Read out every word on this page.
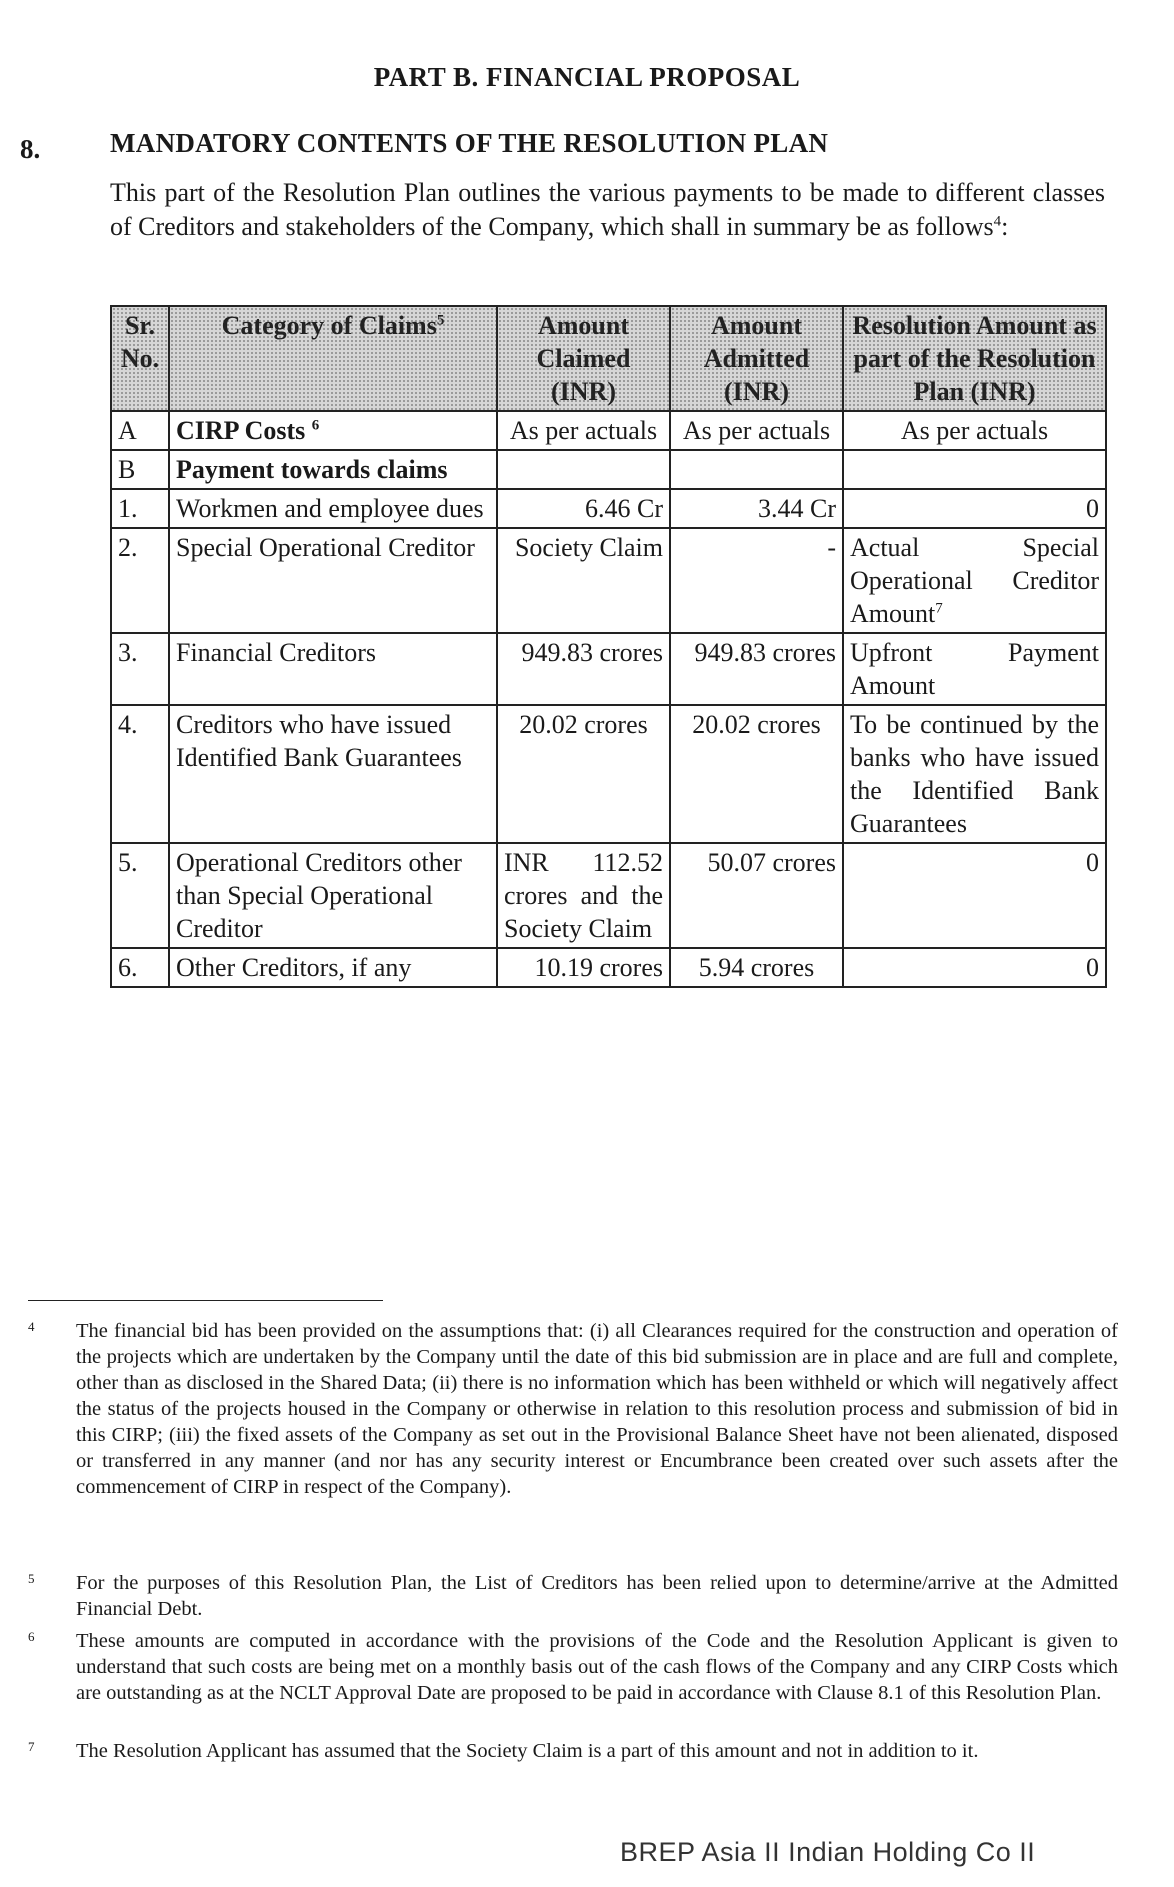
PART B. FINANCIAL PROPOSAL
8.	MANDATORY CONTENTS OF THE RESOLUTION PLAN
This part of the Resolution Plan outlines the various payments to be made to different classes of Creditors and stakeholders of the Company, which shall in summary be as follows$^4$:
Sr. No.	Category of Claims$^5$	Amount Claimed (INR)	Amount Admitted (INR)	Resolution Amount as part of the Resolution Plan (INR)
A	CIRP Costs $^6$	As per actuals	As per actuals	As per actuals
B	Payment towards claims			
1.	Workmen and employee dues	6.46 Cr	3.44 Cr	0
2.	Special Operational Creditor	Society Claim	-	Actual Special Operational Creditor Amount$^7$
3.	Financial Creditors	949.83 crores	949.83 crores	Upfront Payment Amount
4.	Creditors who have issued Identified Bank Guarantees	20.02 crores	20.02 crores	To be continued by the banks who have issued the Identified Bank Guarantees
5.	Operational Creditors other than Special Operational Creditor	INR 112.52 crores and the Society Claim	50.07 crores	0
6.	Other Creditors, if any	10.19 crores	5.94 crores	0
4 The financial bid has been provided on the assumptions that: (i) all Clearances required for the construction and operation of the projects which are undertaken by the Company until the date of this bid submission are in place and are full and complete, other than as disclosed in the Shared Data; (ii) there is no information which has been withheld or which will negatively affect the status of the projects housed in the Company or otherwise in relation to this resolution process and submission of bid in this CIRP; (iii) the fixed assets of the Company as set out in the Provisional Balance Sheet have not been alienated, disposed or transferred in any manner (and nor has any security interest or Encumbrance been created over such assets after the commencement of CIRP in respect of the Company).
5 For the purposes of this Resolution Plan, the List of Creditors has been relied upon to determine/arrive at the Admitted Financial Debt.
6 These amounts are computed in accordance with the provisions of the Code and the Resolution Applicant is given to understand that such costs are being met on a monthly basis out of the cash flows of the Company and any CIRP Costs which are outstanding as at the NCLT Approval Date are proposed to be paid in accordance with Clause 8.1 of this Resolution Plan.
7 The Resolution Applicant has assumed that the Society Claim is a part of this amount and not in addition to it.
BREP Asia II Indian Holding Co II
